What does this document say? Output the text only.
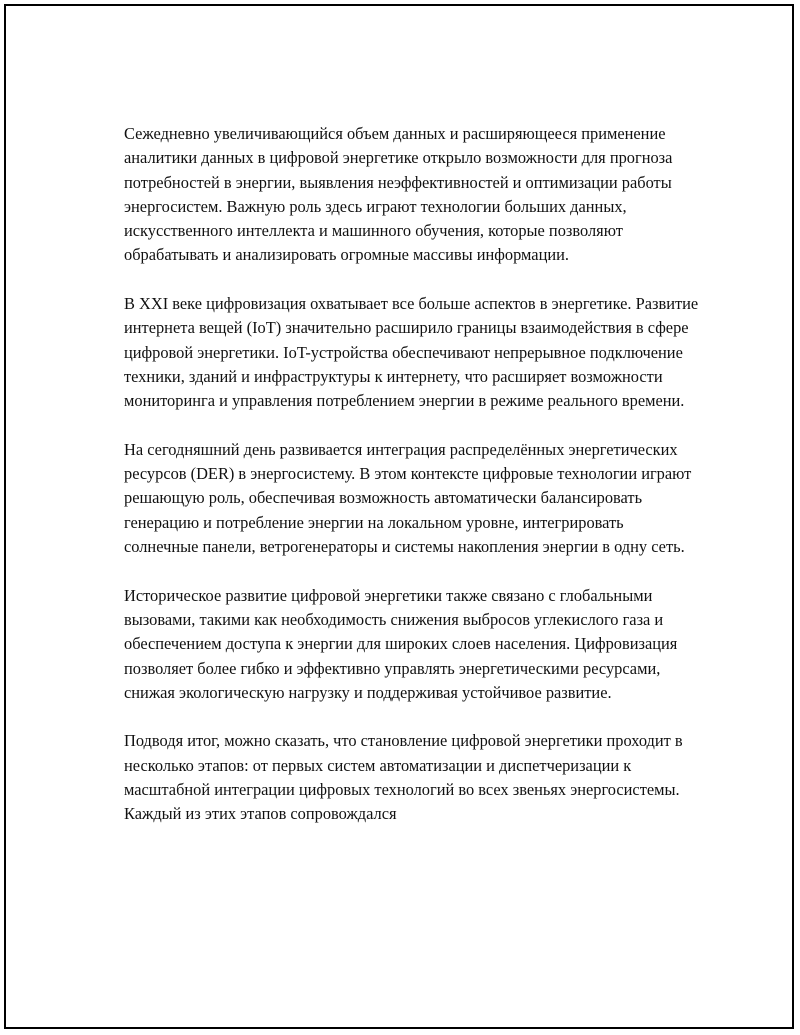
Сежедневно увеличивающийся объем данных и расширяющееся применение аналитики данных в цифровой энергетике открыло возможности для прогноза потребностей в энергии, выявления неэффективностей и оптимизации работы энергосистем. Важную роль здесь играют технологии больших данных, искусственного интеллекта и машинного обучения, которые позволяют обрабатывать и анализировать огромные массивы информации.

В XXI веке цифровизация охватывает все больше аспектов в энергетике. Развитие интернета вещей (IoT) значительно расширило границы взаимодействия в сфере цифровой энергетики. IoT-устройства обеспечивают непрерывное подключение техники, зданий и инфраструктуры к интернету, что расширяет возможности мониторинга и управления потреблением энергии в режиме реального времени.

На сегодняшний день развивается интеграция распределённых энергетических ресурсов (DER) в энергосистему. В этом контексте цифровые технологии играют решающую роль, обеспечивая возможность автоматически балансировать генерацию и потребление энергии на локальном уровне, интегрировать солнечные панели, ветрогенераторы и системы накопления энергии в одну сеть.

Историческое развитие цифровой энергетики также связано с глобальными вызовами, такими как необходимость снижения выбросов углекислого газа и обеспечением доступа к энергии для широких слоев населения. Цифровизация позволяет более гибко и эффективно управлять энергетическими ресурсами, снижая экологическую нагрузку и поддерживая устойчивое развитие.

Подводя итог, можно сказать, что становление цифровой энергетики проходит в несколько этапов: от первых систем автоматизации и диспетчеризации к масштабной интеграции цифровых технологий во всех звеньях энергосистемы. Каждый из этих этапов сопровождался
